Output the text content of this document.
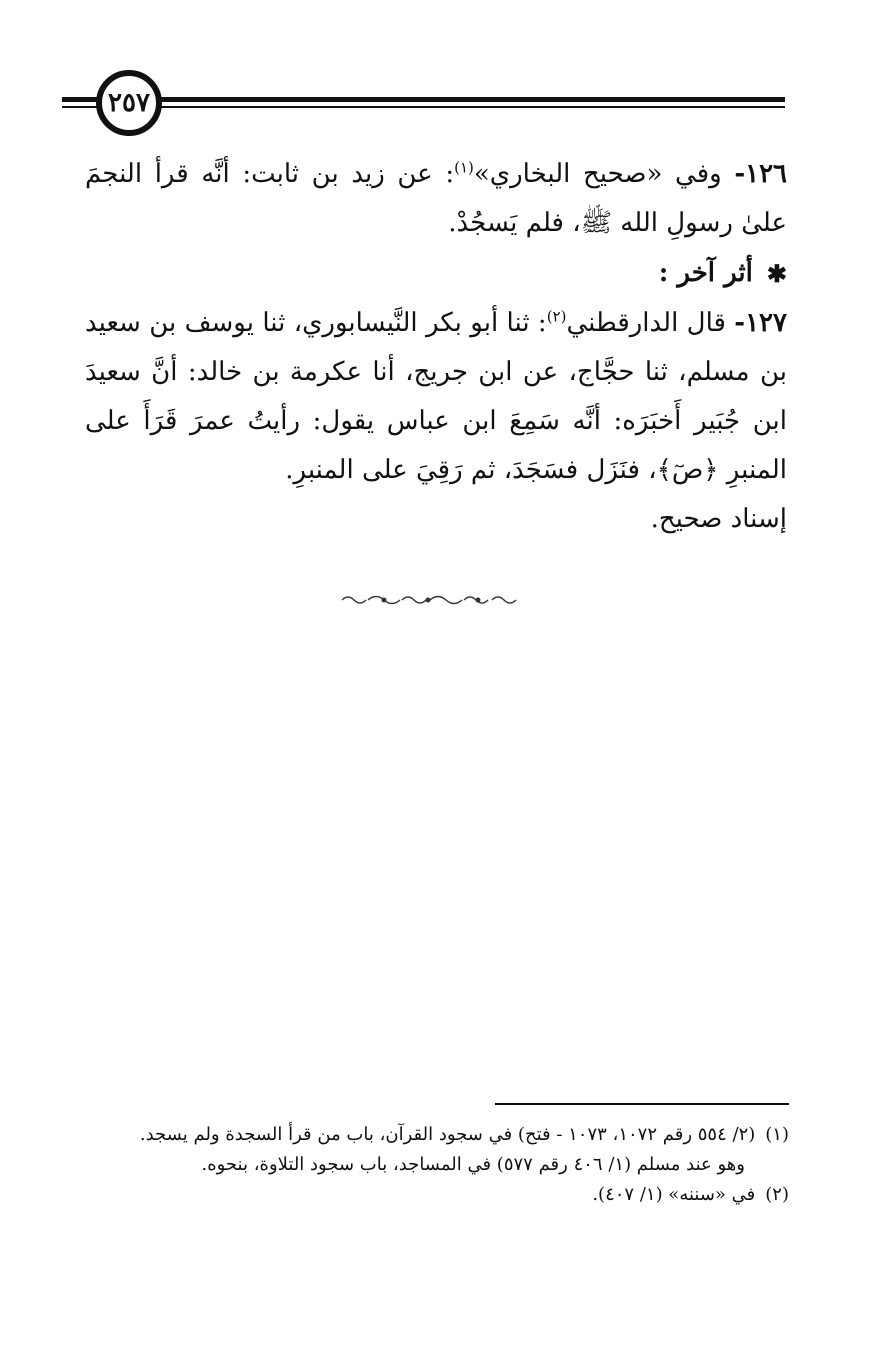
٢٥٧

١٢٦- وفي «صحيح البخاري»$^{(١)}$: عن زيد بن ثابت: أنَّه قرأ النجمَ علىٰ رسولِ الله ﷺ، فلم يَسجُدْ.

✱
أثر آخر :

١٢٧- قال الدارقطني$^{(٢)}$: ثنا أبو بكر النَّيسابوري، ثنا يوسف بن سعيد بن مسلم، ثنا حجَّاج، عن ابن جريج، أنا عكرمة بن خالد: أنَّ سعيدَ ابن جُبَير أَخبَرَه: أنَّه سَمِعَ ابن عباس يقول: رأيتُ عمرَ قَرَأَ على المنبرِ ﴿صٓ﴾، فنَزَل فسَجَدَ، ثم رَقِيَ على المنبرِ.

إسناد صحيح.

(١)
(٢/ ٥٥٤ رقم ١٠٧٢، ١٠٧٣ - فتح) في سجود القرآن، باب من قرأ السجدة ولم يسجد.
وهو عند مسلم (١/ ٤٠٦ رقم ٥٧٧) في المساجد، باب سجود التلاوة، بنحوه.
(٢)
في «سننه» (١/ ٤٠٧).
